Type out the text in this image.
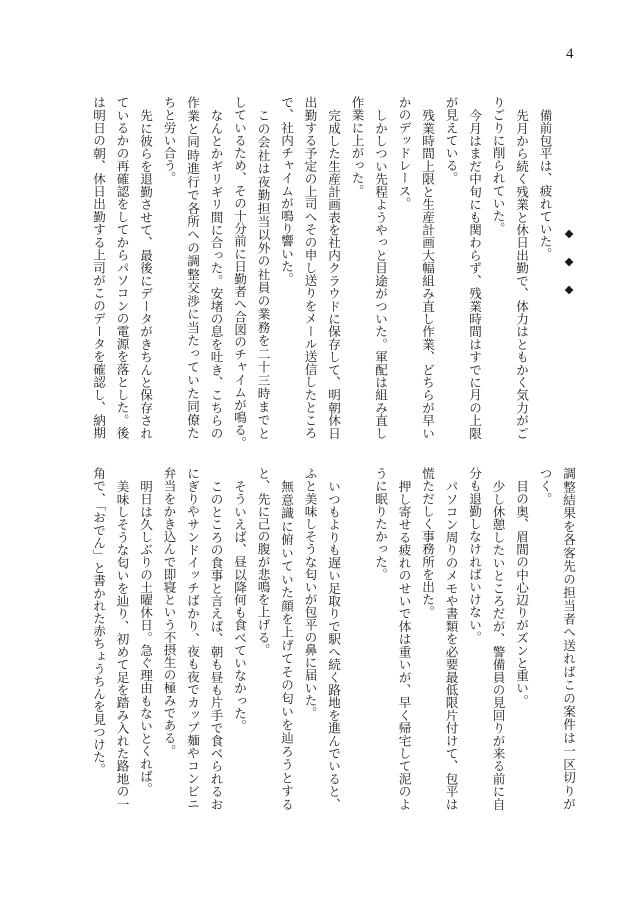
4
◆◆◆
備前包平は、疲れていた。
先月から続く残業と休日出勤で、体力はともかく気力がご
りごりに削られていた。
今月はまだ中旬にも関わらず、残業時間はすでに月の上限
が見えている。
残業時間上限と生産計画大幅組み直し作業、どちらが早い
かのデッドレース。
しかしつい先程ようやっと目途がついた。軍配は組み直し
作業に上がった。
完成した生産計画表を社内クラウドに保存して、明朝休日
出勤する予定の上司へその申し送りをメール送信したところ
で、社内チャイムが鳴り響いた。
この会社は夜勤担当以外の社員の業務を二十三時までと
しているため、その十分前に日勤者へ合図のチャイムが鳴る。
なんとかギリギリ間に合った。安堵の息を吐き、こちらの
作業と同時進行で各所への調整交渉に当たっていた同僚た
ちと労い合う。
先に彼らを退勤させて、最後にデータがきちんと保存され
ているかの再確認をしてからパソコンの電源を落とした。後
は明日の朝、休日出勤する上司がこのデータを確認し、納期
調整結果を各客先の担当者へ送ればこの案件は一区切りが
つく。
目の奥、眉間の中心辺りがズンと重い。
少し休憩したいところだが、警備員の見回りが来る前に自
分も退勤しなければいけない。
パソコン周りのメモや書類を必要最低限片付けて、包平は
慌ただしく事務所を出た。
押し寄せる疲れのせいで体は重いが、早く帰宅して泥のよ
うに眠りたかった。
いつもよりも遅い足取りで駅へ続く路地を進んでいると、
ふと美味しそうな匂いが包平の鼻に届いた。
無意識に俯いていた顔を上げてその匂いを辿ろうとする
と、先に己の腹が悲鳴を上げる。
そういえば、昼以降何も食べていなかった。
このところの食事と言えば、朝も昼も片手で食べられるお
にぎりやサンドイッチばかり、夜も夜でカップ麺やコンビニ
弁当をかき込んで即寝という不摂生の極みである。
明日は久しぶりの土曜休日。急ぐ理由もないとくれば。
美味しそうな匂いを辿り、初めて足を踏み入れた路地の一
角で、「おでん」と書かれた赤ちょうちんを見つけた。
